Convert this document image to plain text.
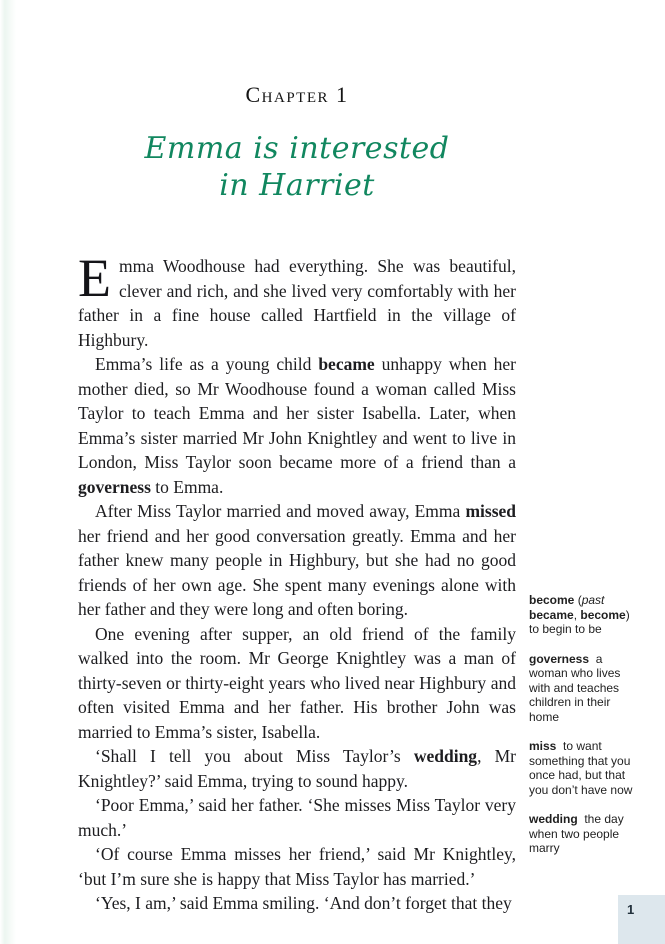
Chapter 1
Emma is interested
in Harriet

Emma Woodhouse had everything. She was beautiful, clever and rich, and she lived very comfortably with her father in a fine house called Hartfield in the village of Highbury.

Emma’s life as a young child became unhappy when her mother died, so Mr Woodhouse found a woman called Miss Taylor to teach Emma and her sister Isabella. Later, when Emma’s sister married Mr John Knightley and went to live in London, Miss Taylor soon became more of a friend than a governess to Emma.

After Miss Taylor married and moved away, Emma missed her friend and her good conversation greatly. Emma and her father knew many people in Highbury, but she had no good friends of her own age. She spent many evenings alone with her father and they were long and often boring.

One evening after supper, an old friend of the family walked into the room. Mr George Knightley was a man of thirty-seven or thirty-eight years who lived near Highbury and often visited Emma and her father. His brother John was married to Emma’s sister, Isabella.

‘Shall I tell you about Miss Taylor’s wedding, Mr Knightley?’ said Emma, trying to sound happy.

‘Poor Emma,’ said her father. ‘She misses Miss Taylor very much.’

‘Of course Emma misses her friend,’ said Mr Knightley, ‘but I’m sure she is happy that Miss Taylor has married.’

‘Yes, I am,’ said Emma smiling. ‘And don’t forget that they

become (past became, become) to begin to be

governess  a woman who lives with and teaches children in their home

miss  to want something that you once had, but that you don’t have now

wedding  the day when two people marry

1
